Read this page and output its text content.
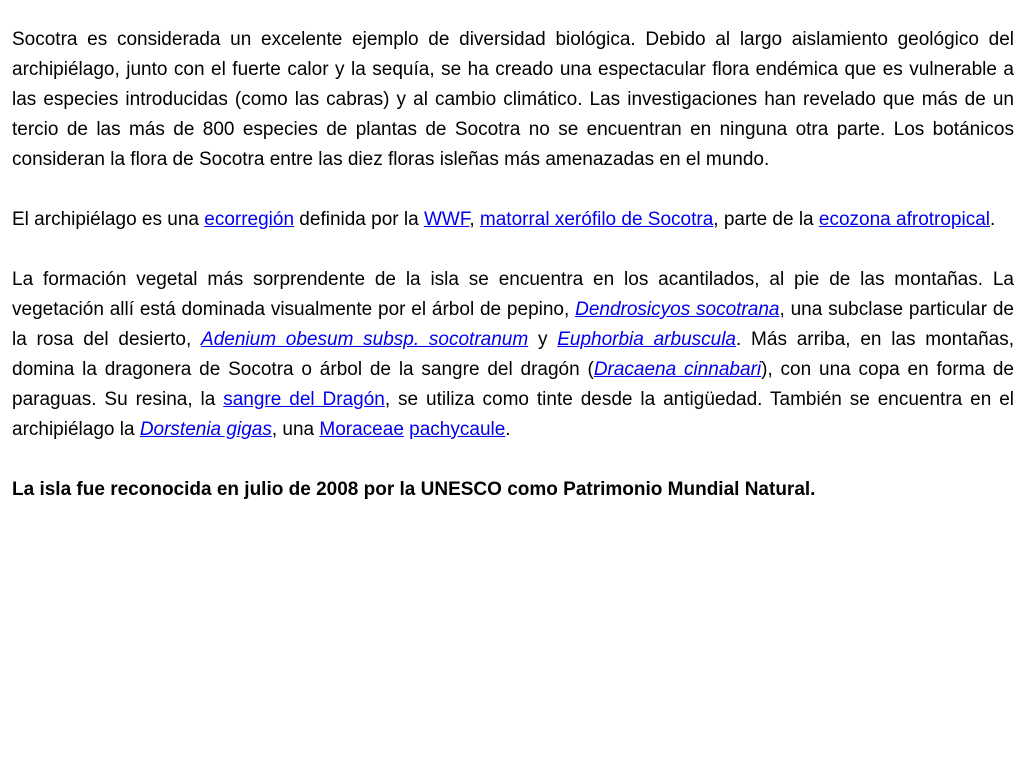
Socotra es considerada un excelente ejemplo de diversidad biológica. Debido al largo aislamiento geológico del archipiélago, junto con el fuerte calor y la sequía, se ha creado una espectacular flora endémica que es vulnerable a las especies introducidas (como las cabras) y al cambio climático. Las investigaciones han revelado que más de un tercio de las más de 800 especies de plantas de Socotra no se encuentran en ninguna otra parte. Los botánicos consideran la flora de Socotra entre las diez floras isleñas más amenazadas en el mundo.

El archipiélago es una ecorregión definida por la WWF, matorral xerófilo de Socotra, parte de la ecozona afrotropical.

La formación vegetal más sorprendente de la isla se encuentra en los acantilados, al pie de las montañas. La vegetación allí está dominada visualmente por el árbol de pepino, Dendrosicyos socotrana, una subclase particular de la rosa del desierto, Adenium obesum subsp. socotranum y Euphorbia arbuscula. Más arriba, en las montañas, domina la dragonera de Socotra o árbol de la sangre del dragón (Dracaena cinnabari), con una copa en forma de paraguas. Su resina, la sangre del Dragón, se utiliza como tinte desde la antigüedad. También se encuentra en el archipiélago la Dorstenia gigas, una Moraceae pachycaule.

La isla fue reconocida en julio de 2008 por la UNESCO como Patrimonio Mundial Natural.
